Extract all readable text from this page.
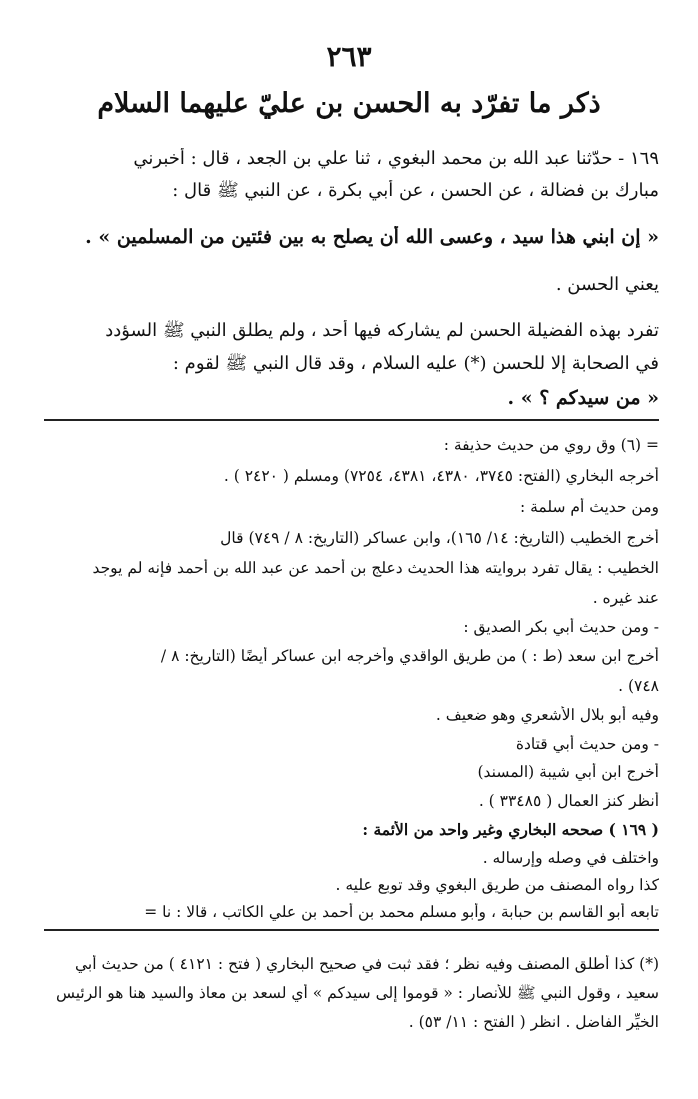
٢٦٣
ذكر ما تفرّد به الحسن بن عليّ عليهما السلام
١٦٩ - حدّثنا عبد الله بن محمد البغوي ، ثنا علي بن الجعد ، قال : أخبرني
مبارك بن فضالة ، عن الحسن ، عن أبي بكرة ، عن النبي ﷺ قال :
« إن ابني هذا سيد ، وعسى الله أن يصلح به بين فئتين من المسلمين » .
يعني الحسن .
تفرد بهذه الفضيلة الحسن لم يشاركه فيها أحد ، ولم يطلق النبي ﷺ السؤدد
في الصحابة إلا للحسن (*) عليه السلام ، وقد قال النبي ﷺ لقوم :
« من سيدكم ؟ » .
= (٦) وق روي من حديث حذيفة :
أخرجه البخاري (الفتح: ٣٧٤٥، ٤٣٨٠، ٤٣٨١، ٧٢٥٤) ومسلم ( ٢٤٢٠ ) .
ومن حديث أم سلمة :
أخرج الخطيب (التاريخ: ١٤/ ١٦٥)، وابن عساكر (التاريخ: ٨ / ٧٤٩) قال
الخطيب : يقال تفرد بروايته هذا الحديث دعلج بن أحمد عن عبد الله بن أحمد فإنه لم يوجد
عند غيره .
- ومن حديث أبي بكر الصديق :
أخرج ابن سعد (ط : ) من طريق الواقدي وأخرجه ابن عساكر أيضًا (التاريخ: ٨ /
٧٤٨) .
وفيه أبو بلال الأشعري وهو ضعيف .
- ومن حديث أبي قتادة
أخرج ابن أبي شيبة (المسند)
أنظر كنز العمال ( ٣٣٤٨٥ ) .
( ١٦٩ ) صححه البخاري وغير واحد من الأئمة :
واختلف في وصله وإرساله .
كذا رواه المصنف من طريق البغوي وقد توبع عليه .
تابعه أبو القاسم بن حبابة ، وأبو مسلم محمد بن أحمد بن علي الكاتب ، قالا : نا =
(*) كذا أطلق المصنف وفيه نظر ؛ فقد ثبت في صحيح البخاري ( فتح : ٤١٢١ ) من حديث أبي
سعيد ، وقول النبي ﷺ للأنصار : « قوموا إلى سيدكم » أي لسعد بن معاذ والسيد هنا هو الرئيس
الخيِّر الفاضل . انظر ( الفتح : ١١/ ٥٣) .
